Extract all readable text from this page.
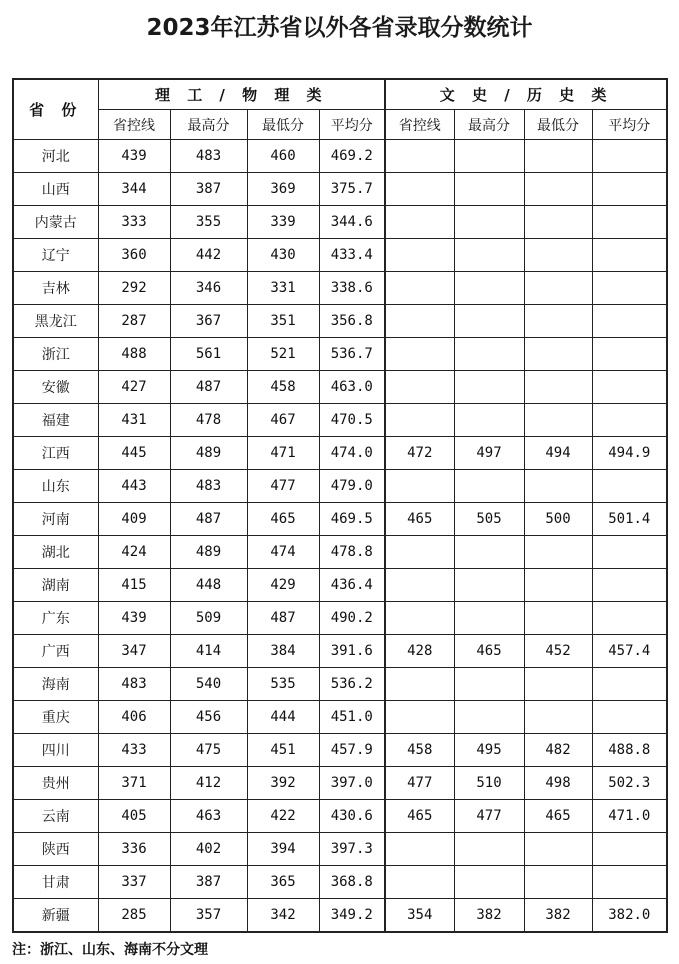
2023年江苏省以外各省录取分数统计
省 份	理 工 / 物 理 类				文 史 / 历 史 类			
	省控线	最高分	最低分	平均分	省控线	最高分	最低分	平均分
河北	439	483	460	469.2				
山西	344	387	369	375.7				
内蒙古	333	355	339	344.6				
辽宁	360	442	430	433.4				
吉林	292	346	331	338.6				
黑龙江	287	367	351	356.8				
浙江	488	561	521	536.7				
安徽	427	487	458	463.0				
福建	431	478	467	470.5				
江西	445	489	471	474.0	472	497	494	494.9
山东	443	483	477	479.0				
河南	409	487	465	469.5	465	505	500	501.4
湖北	424	489	474	478.8				
湖南	415	448	429	436.4				
广东	439	509	487	490.2				
广西	347	414	384	391.6	428	465	452	457.4
海南	483	540	535	536.2				
重庆	406	456	444	451.0				
四川	433	475	451	457.9	458	495	482	488.8
贵州	371	412	392	397.0	477	510	498	502.3
云南	405	463	422	430.6	465	477	465	471.0
陕西	336	402	394	397.3				
甘肃	337	387	365	368.8				
新疆	285	357	342	349.2	354	382	382	382.0
注：浙江、山东、海南不分文理
